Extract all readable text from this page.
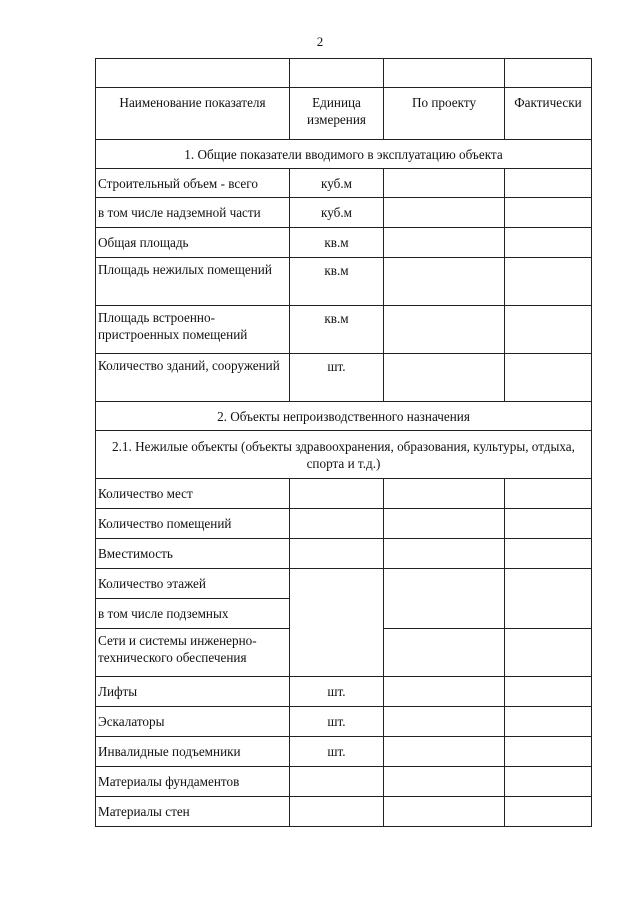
2

Наименование показателя	Единица измерения	По проекту	Фактически
1. Общие показатели вводимого в эксплуатацию объекта			
Строительный объем - всего	куб.м		
в том числе надземной части	куб.м		
Общая площадь	кв.м		
Площадь нежилых помещений	кв.м		
Площадь встроенно-пристроенных помещений	кв.м		
Количество зданий, сооружений	шт.		
2. Объекты непроизводственного назначения			
2.1. Нежилые объекты (объекты здравоохранения, образования, культуры, отдыха, спорта и т.д.)			
Количество мест			
Количество помещений			
Вместимость			
Количество этажей			
в том числе подземных			
Сети и системы инженерно-технического обеспечения			
Лифты	шт.		
Эскалаторы	шт.		
Инвалидные подъемники	шт.		
Материалы фундаментов			
Материалы стен			
